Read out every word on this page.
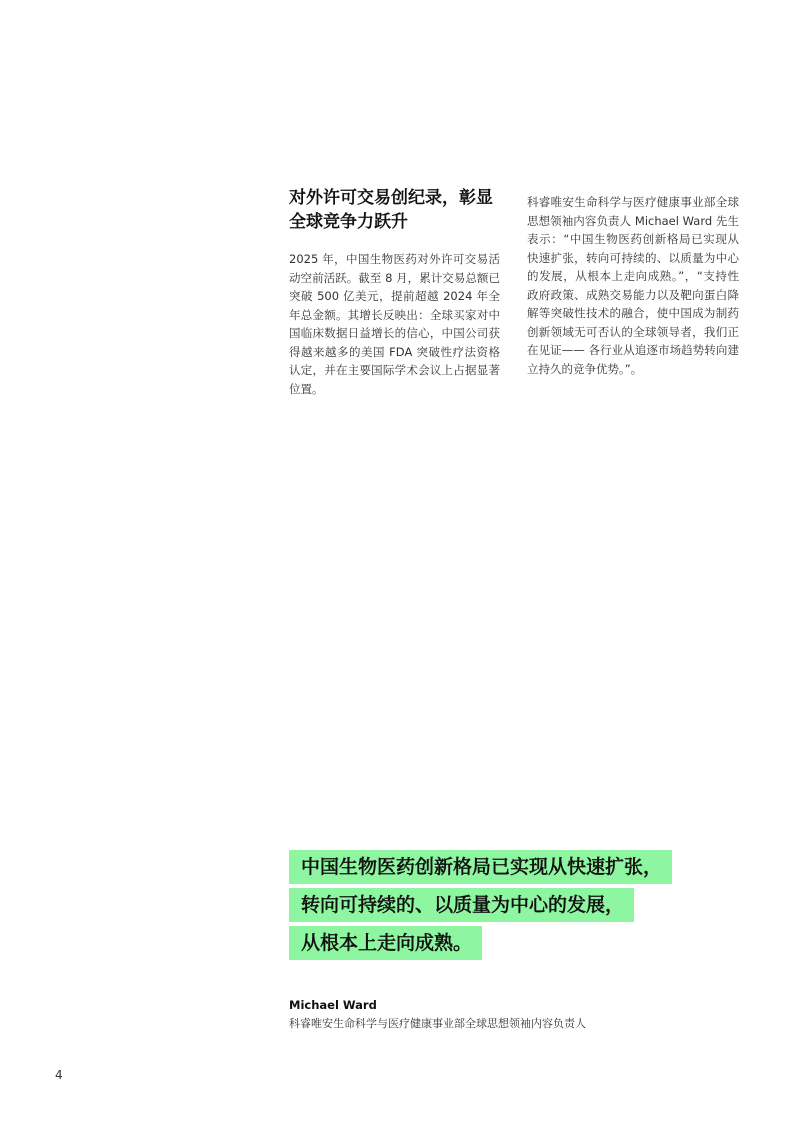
对外许可交易创纪录，彰显全球竞争力跃升

2025 年，中国生物医药对外许可交易活动空前活跃。截至 8 月，累计交易总额已突破 500 亿美元，提前超越 2024 年全年总金额。其增长反映出：全球买家对中国临床数据日益增长的信心，中国公司获得越来越多的美国 FDA 突破性疗法资格认定，并在主要国际学术会议上占据显著位置。

科睿唯安生命科学与医疗健康事业部全球思想领袖内容负责人 Michael Ward 先生表示：“中国生物医药创新格局已实现从快速扩张，转向可持续的、以质量为中心的发展，从根本上走向成熟。”，“支持性政府政策、成熟交易能力以及靶向蛋白降解等突破性技术的融合，使中国成为制药创新领域无可否认的全球领导者，我们正在见证—— 各行业从追逐市场趋势转向建立持久的竞争优势。”。

中国生物医药创新格局已实现从快速扩张，
转向可持续的、以质量为中心的发展，
从根本上走向成熟。

Michael Ward

科睿唯安生命科学与医疗健康事业部全球思想领袖内容负责人

4
